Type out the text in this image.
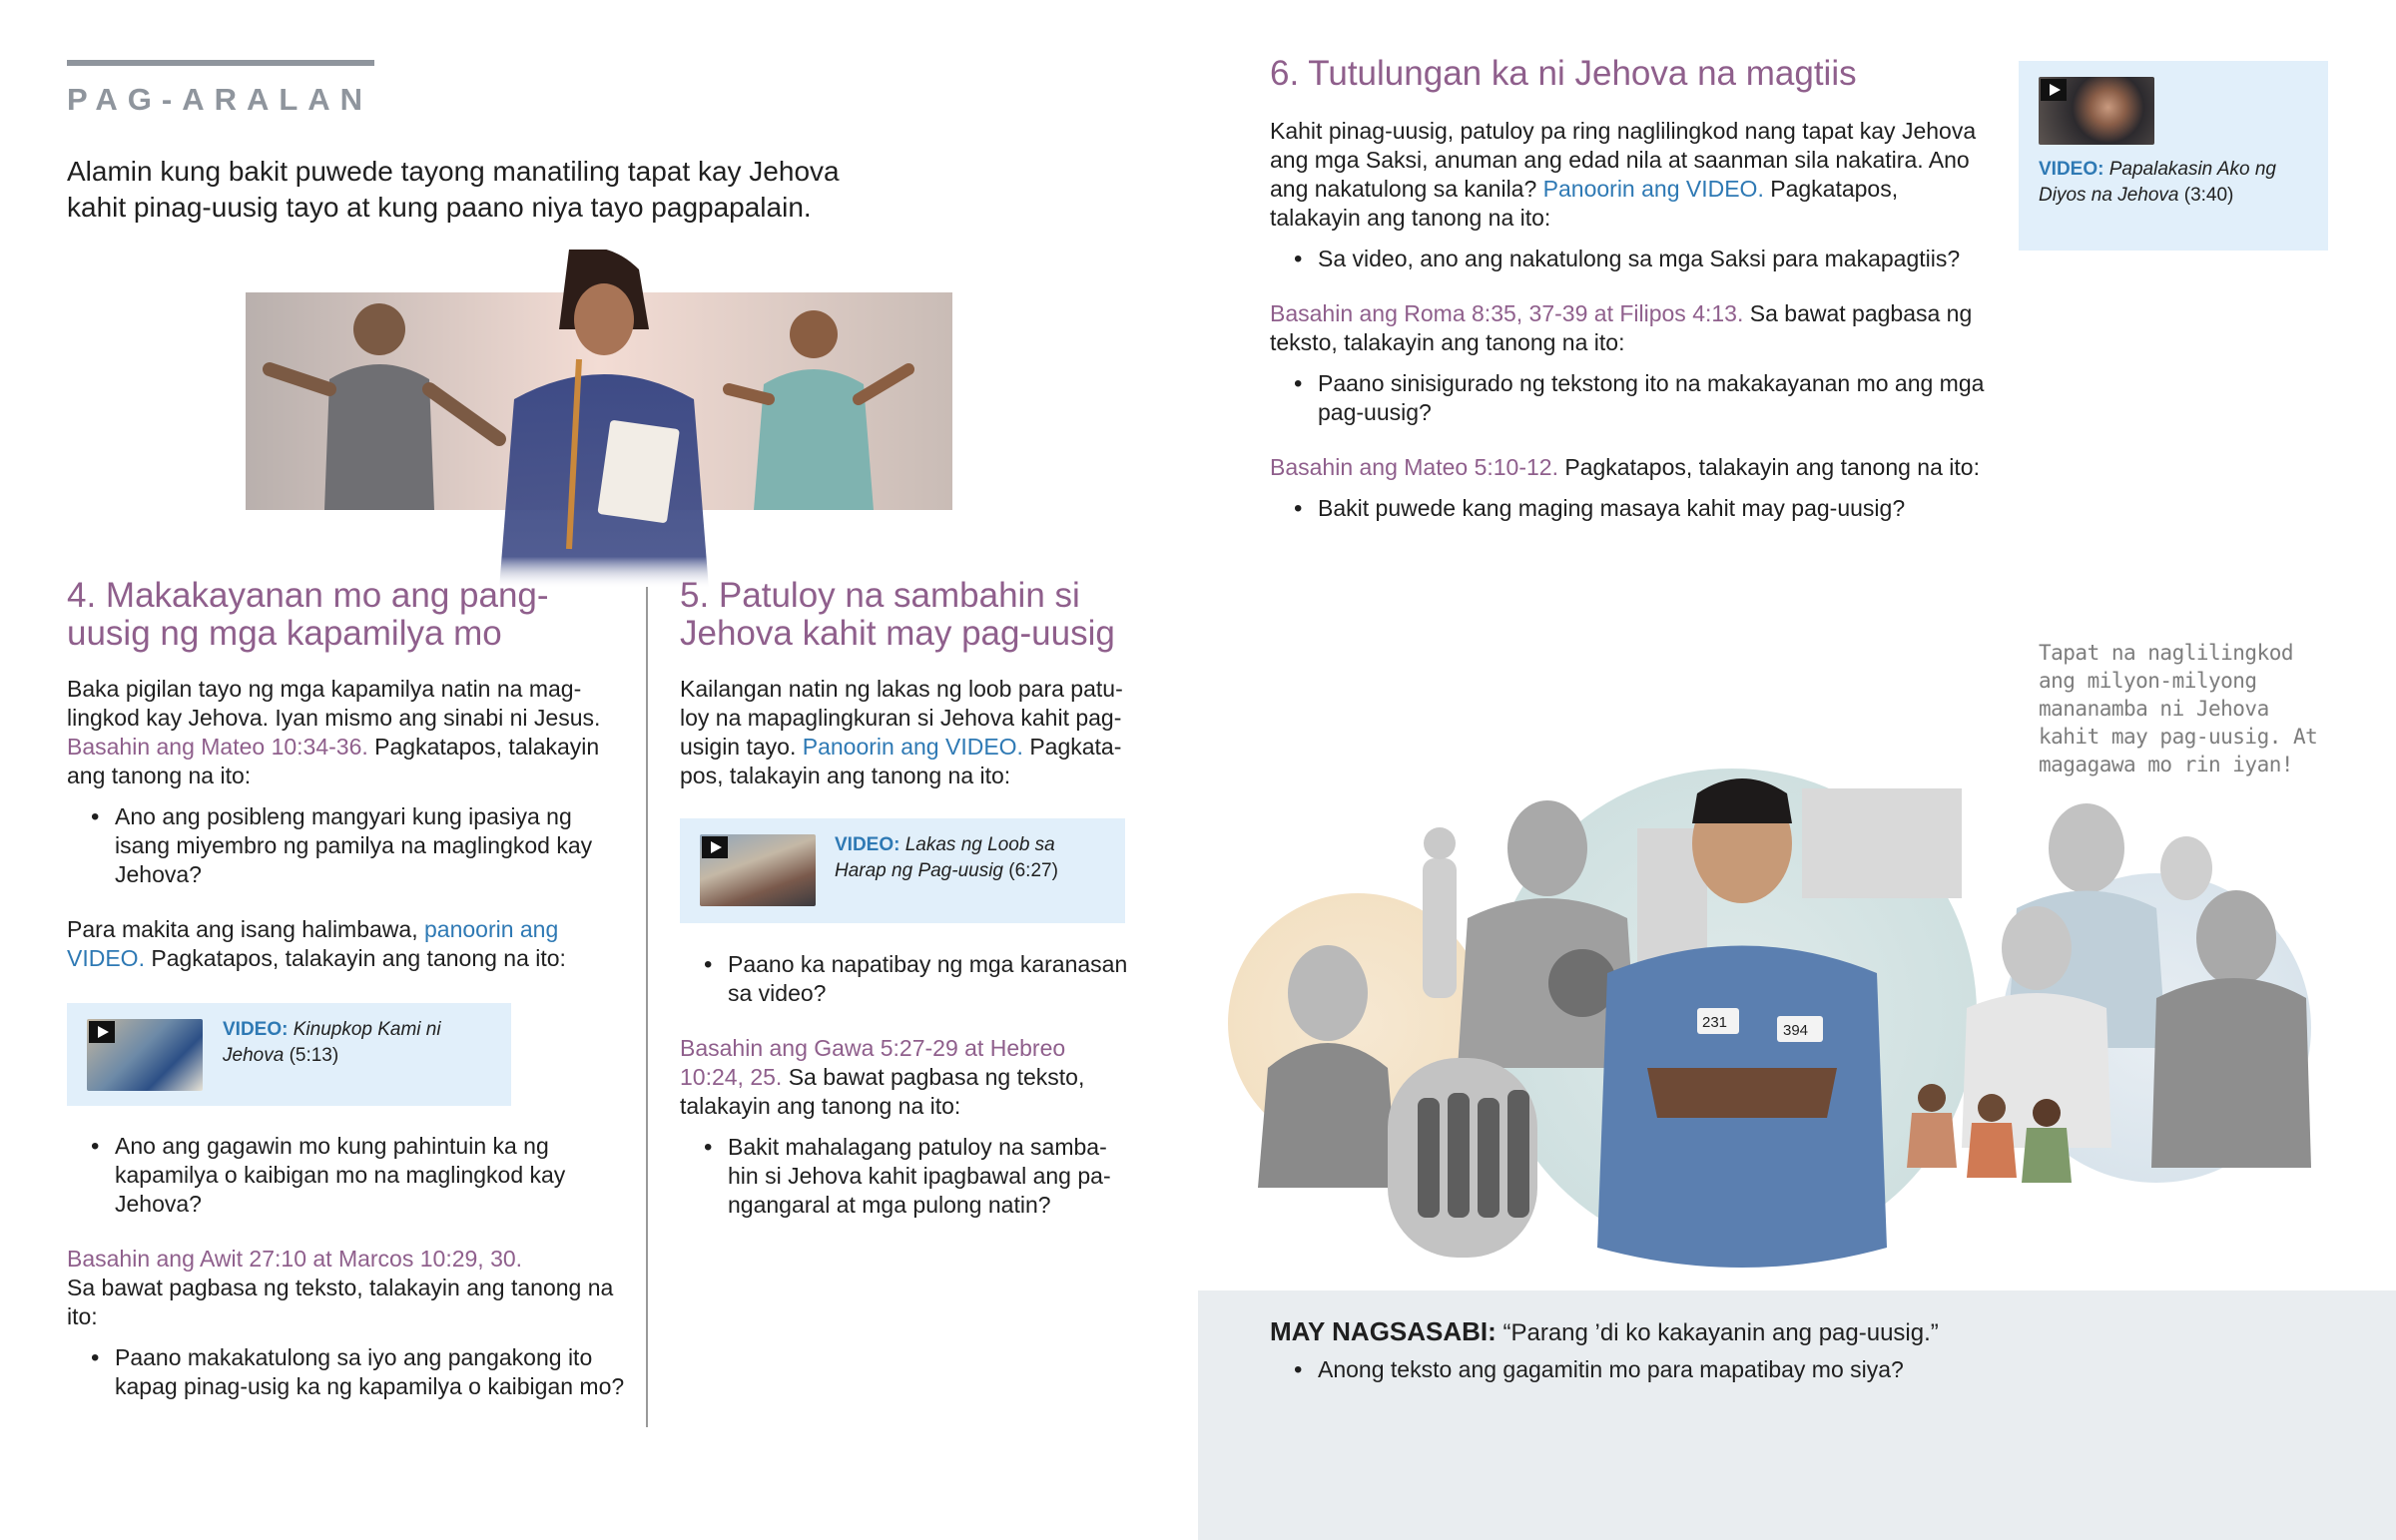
PAG-ARALAN

Alamin kung bakit puwede tayong manatiling tapat kay Jehova kahit pinag-uusig tayo at kung paano niya tayo pagpapalain.

4. Makakayanan mo ang pang-uusig ng mga kapamilya mo

Baka pigilan tayo ng mga kapamilya natin na maglingkod kay Jehova. Iyan mismo ang sinabi ni Jesus. Basahin ang Mateo 10:34-36. Pagkatapos, talakayin ang tanong na ito:

• Ano ang posibleng mangyari kung ipasiya ng isang miyembro ng pamilya na maglingkod kay Jehova?

Para makita ang isang halimbawa, panoorin ang VIDEO. Pagkatapos, talakayin ang tanong na ito:

VIDEO: Kinupkop Kami ni Jehova (5:13)
• Ano ang gagawin mo kung pahintuin ka ng kapamilya o kaibigan mo na maglingkod kay Jehova?

Basahin ang Awit 27:10 at Marcos 10:29, 30.

Sa bawat pagbasa ng teksto, talakayin ang tanong na ito:

• Paano makakatulong sa iyo ang pangakong ito kapag pinag-usig ka ng kapamilya o kaibigan mo?
5. Patuloy na sambahin si Jehova kahit may pag-uusig

Kailangan natin ng lakas ng loob para patuloy na mapaglingkuran si Jehova kahit pagusigin tayo. Panoorin ang VIDEO. Pagkatapos, talakayin ang tanong na ito:

VIDEO: Lakas ng Loob sa Harap ng Pag-uusig (6:27)
• Paano ka napatibay ng mga karanasan sa video?

Basahin ang Gawa 5:27-29 at Hebreo 10:24, 25. Sa bawat pagbasa ng teksto, talakayin ang tanong na ito:

• Bakit mahalagang patuloy na sambahin si Jehova kahit ipagbawal ang pangangaral at mga pulong natin?
6. Tutulungan ka ni Jehova na magtiis

Kahit pinag-uusig, patuloy pa ring naglilingkod nang tapat kay Jehova ang mga Saksi, anuman ang edad nila at saanman sila nakatira. Ano ang nakatulong sa kanila? Panoorin ang VIDEO. Pagkatapos, talakayin ang tanong na ito:

• Sa video, ano ang nakatulong sa mga Saksi para makapagtiis?

Basahin ang Roma 8:35, 37-39 at Filipos 4:13. Sa bawat pagbasa ng teksto, talakayin ang tanong na ito:

• Paano sinisigurado ng tekstong ito na makakayanan mo ang mga pag-uusig?

Basahin ang Mateo 5:10-12. Pagkatapos, talakayin ang tanong na ito:

• Bakit puwede kang maging masaya kahit may pag-uusig?
VIDEO: Papalakasin Ako ng Diyos na Jehova (3:40)

Tapat na naglilingkod ang milyon-milyong mananamba ni Jehova kahit may pag-uusig. At magagawa mo rin iyan!

231	394

MAY NAGSASABI: “Parang ’di ko kakayanin ang pag-uusig.”

• Anong teksto ang gagamitin mo para mapatibay mo siya?
